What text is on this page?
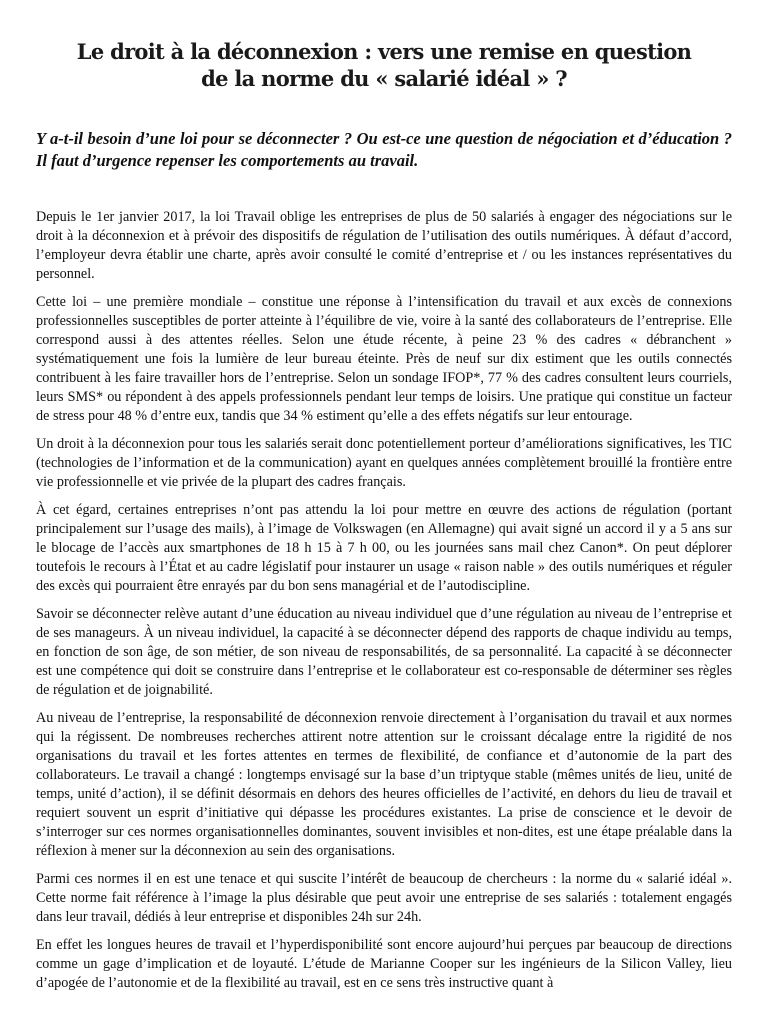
Le droit à la déconnexion : vers une remise en question
de la norme du « salarié idéal » ?
Y a-t-il besoin d’une loi pour se déconnecter ? Ou est-ce une question de négociation et d’éducation ? Il faut d’urgence repenser les comportements au travail.

Depuis le 1er janvier 2017, la loi Travail oblige les entreprises de plus de 50 salariés à engager des négociations sur le droit à la déconnexion et à prévoir des dispositifs de régulation de l’utilisation des outils numériques. À défaut d’accord, l’employeur devra établir une charte, après avoir consulté le comité d’entreprise et / ou les instances représentatives du personnel.

Cette loi – une première mondiale – constitue une réponse à l’intensification du travail et aux excès de connexions professionnelles susceptibles de porter atteinte à l’équilibre de vie, voire à la santé des collaborateurs de l’entreprise. Elle correspond aussi à des attentes réelles. Selon une étude récente, à peine 23 % des cadres « débranchent » systématiquement une fois la lumière de leur bureau éteinte. Près de neuf sur dix estiment que les outils connectés contribuent à les faire travailler hors de l’entreprise. Selon un sondage IFOP*, 77 % des cadres consultent leurs courriels, leurs SMS* ou répondent à des appels professionnels pendant leur temps de loisirs. Une pratique qui constitue un facteur de stress pour 48 % d’entre eux, tandis que 34 % estiment qu’elle a des effets négatifs sur leur entourage.

Un droit à la déconnexion pour tous les salariés serait donc potentiellement porteur d’améliorations significatives, les TIC (technologies de l’information et de la communication) ayant en quelques années complètement brouillé la frontière entre vie professionnelle et vie privée de la plupart des cadres français.

À cet égard, certaines entreprises n’ont pas attendu la loi pour mettre en œuvre des actions de régulation (portant principalement sur l’usage des mails), à l’image de Volkswagen (en Allemagne) qui avait signé un accord il y a 5 ans sur le blocage de l’accès aux smartphones de 18 h 15 à 7 h 00, ou les journées sans mail chez Canon*. On peut déplorer toutefois le recours à l’État et au cadre législatif pour instaurer un usage « raison nable » des outils numériques et réguler des excès qui pourraient être enrayés par du bon sens managérial et de l’autodiscipline.

Savoir se déconnecter relève autant d’une éducation au niveau individuel que d’une régulation au niveau de l’entreprise et de ses manageurs. À un niveau individuel, la capacité à se déconnecter dépend des rapports de chaque individu au temps, en fonction de son âge, de son métier, de son niveau de responsabilités, de sa personnalité. La capacité à se déconnecter est une compétence qui doit se construire dans l’entreprise et le collaborateur est co-responsable de déterminer ses règles de régulation et de joignabilité.

Au niveau de l’entreprise, la responsabilité de déconnexion renvoie directement à l’organisation du travail et aux normes qui la régissent. De nombreuses recherches attirent notre attention sur le croissant décalage entre la rigidité de nos organisations du travail et les fortes attentes en termes de flexibilité, de confiance et d’autonomie de la part des collaborateurs. Le travail a changé : longtemps envisagé sur la base d’un triptyque stable (mêmes unités de lieu, unité de temps, unité d’action), il se définit désormais en dehors des heures officielles de l’activité, en dehors du lieu de travail et requiert souvent un esprit d’initiative qui dépasse les procédures existantes. La prise de conscience et le devoir de s’interroger sur ces normes organisationnelles dominantes, souvent invisibles et non-dites, est une étape préalable dans la réflexion à mener sur la déconnexion au sein des organisations.

Parmi ces normes il en est une tenace et qui suscite l’intérêt de beaucoup de chercheurs : la norme du « salarié idéal ». Cette norme fait référence à l’image la plus désirable que peut avoir une entreprise de ses salariés : totalement engagés dans leur travail, dédiés à leur entreprise et disponibles 24h sur 24h.

En effet les longues heures de travail et l’hyperdisponibilité sont encore aujourd’hui perçues par beaucoup de directions comme un gage d’implication et de loyauté. L’étude de Marianne Cooper sur les ingénieurs de la Silicon Valley, lieu d’apogée de l’autonomie et de la flexibilité au travail, est en ce sens très instructive quant à
